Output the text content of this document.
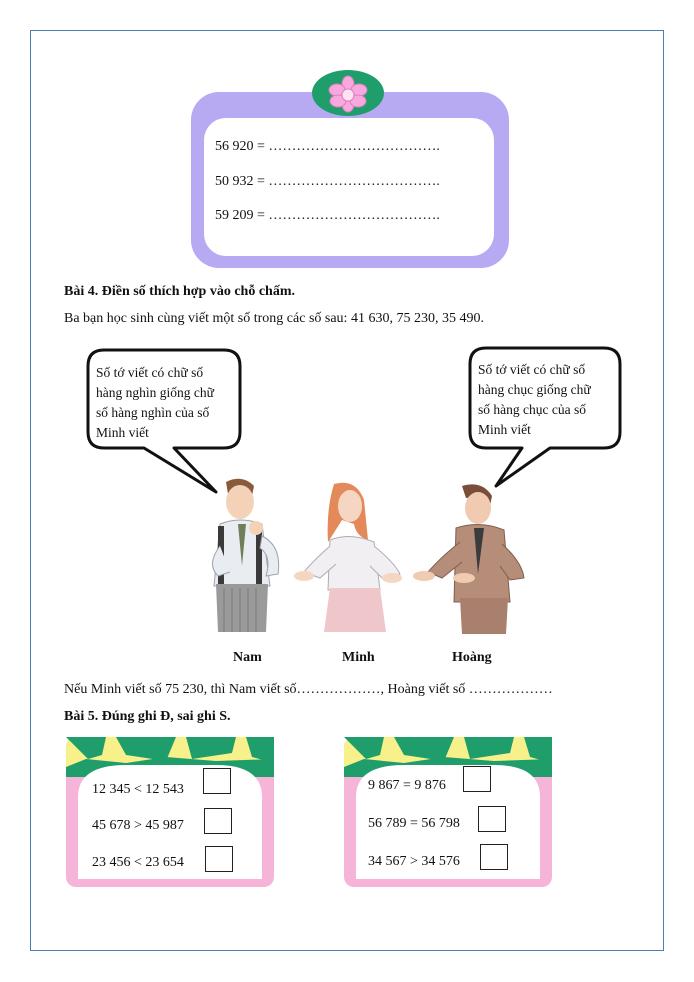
56 920 = ……………………………….
50 932 = ……………………………….
59 209 = ……………………………….
Bài 4. Điền số thích hợp vào chỗ chấm.
Ba bạn học sinh cùng viết một số trong các số sau: 41 630, 75 230, 35 490.
Số tớ viết có chữ số
hàng nghìn giống chữ
số hàng nghìn của số
Minh viết
Số tớ viết có chữ số
hàng chục giống chữ
số hàng chục của số
Minh viết
Nam	Minh	Hoàng
Nếu Minh viết số 75 230, thì Nam viết số………………, Hoàng viết số ………………
Bài 5. Đúng ghi Đ, sai ghi S.
12 345 < 12 543
45 678 > 45 987
23 456 < 23 654
9 867 = 9 876
56 789 = 56 798
34 567 > 34 576
